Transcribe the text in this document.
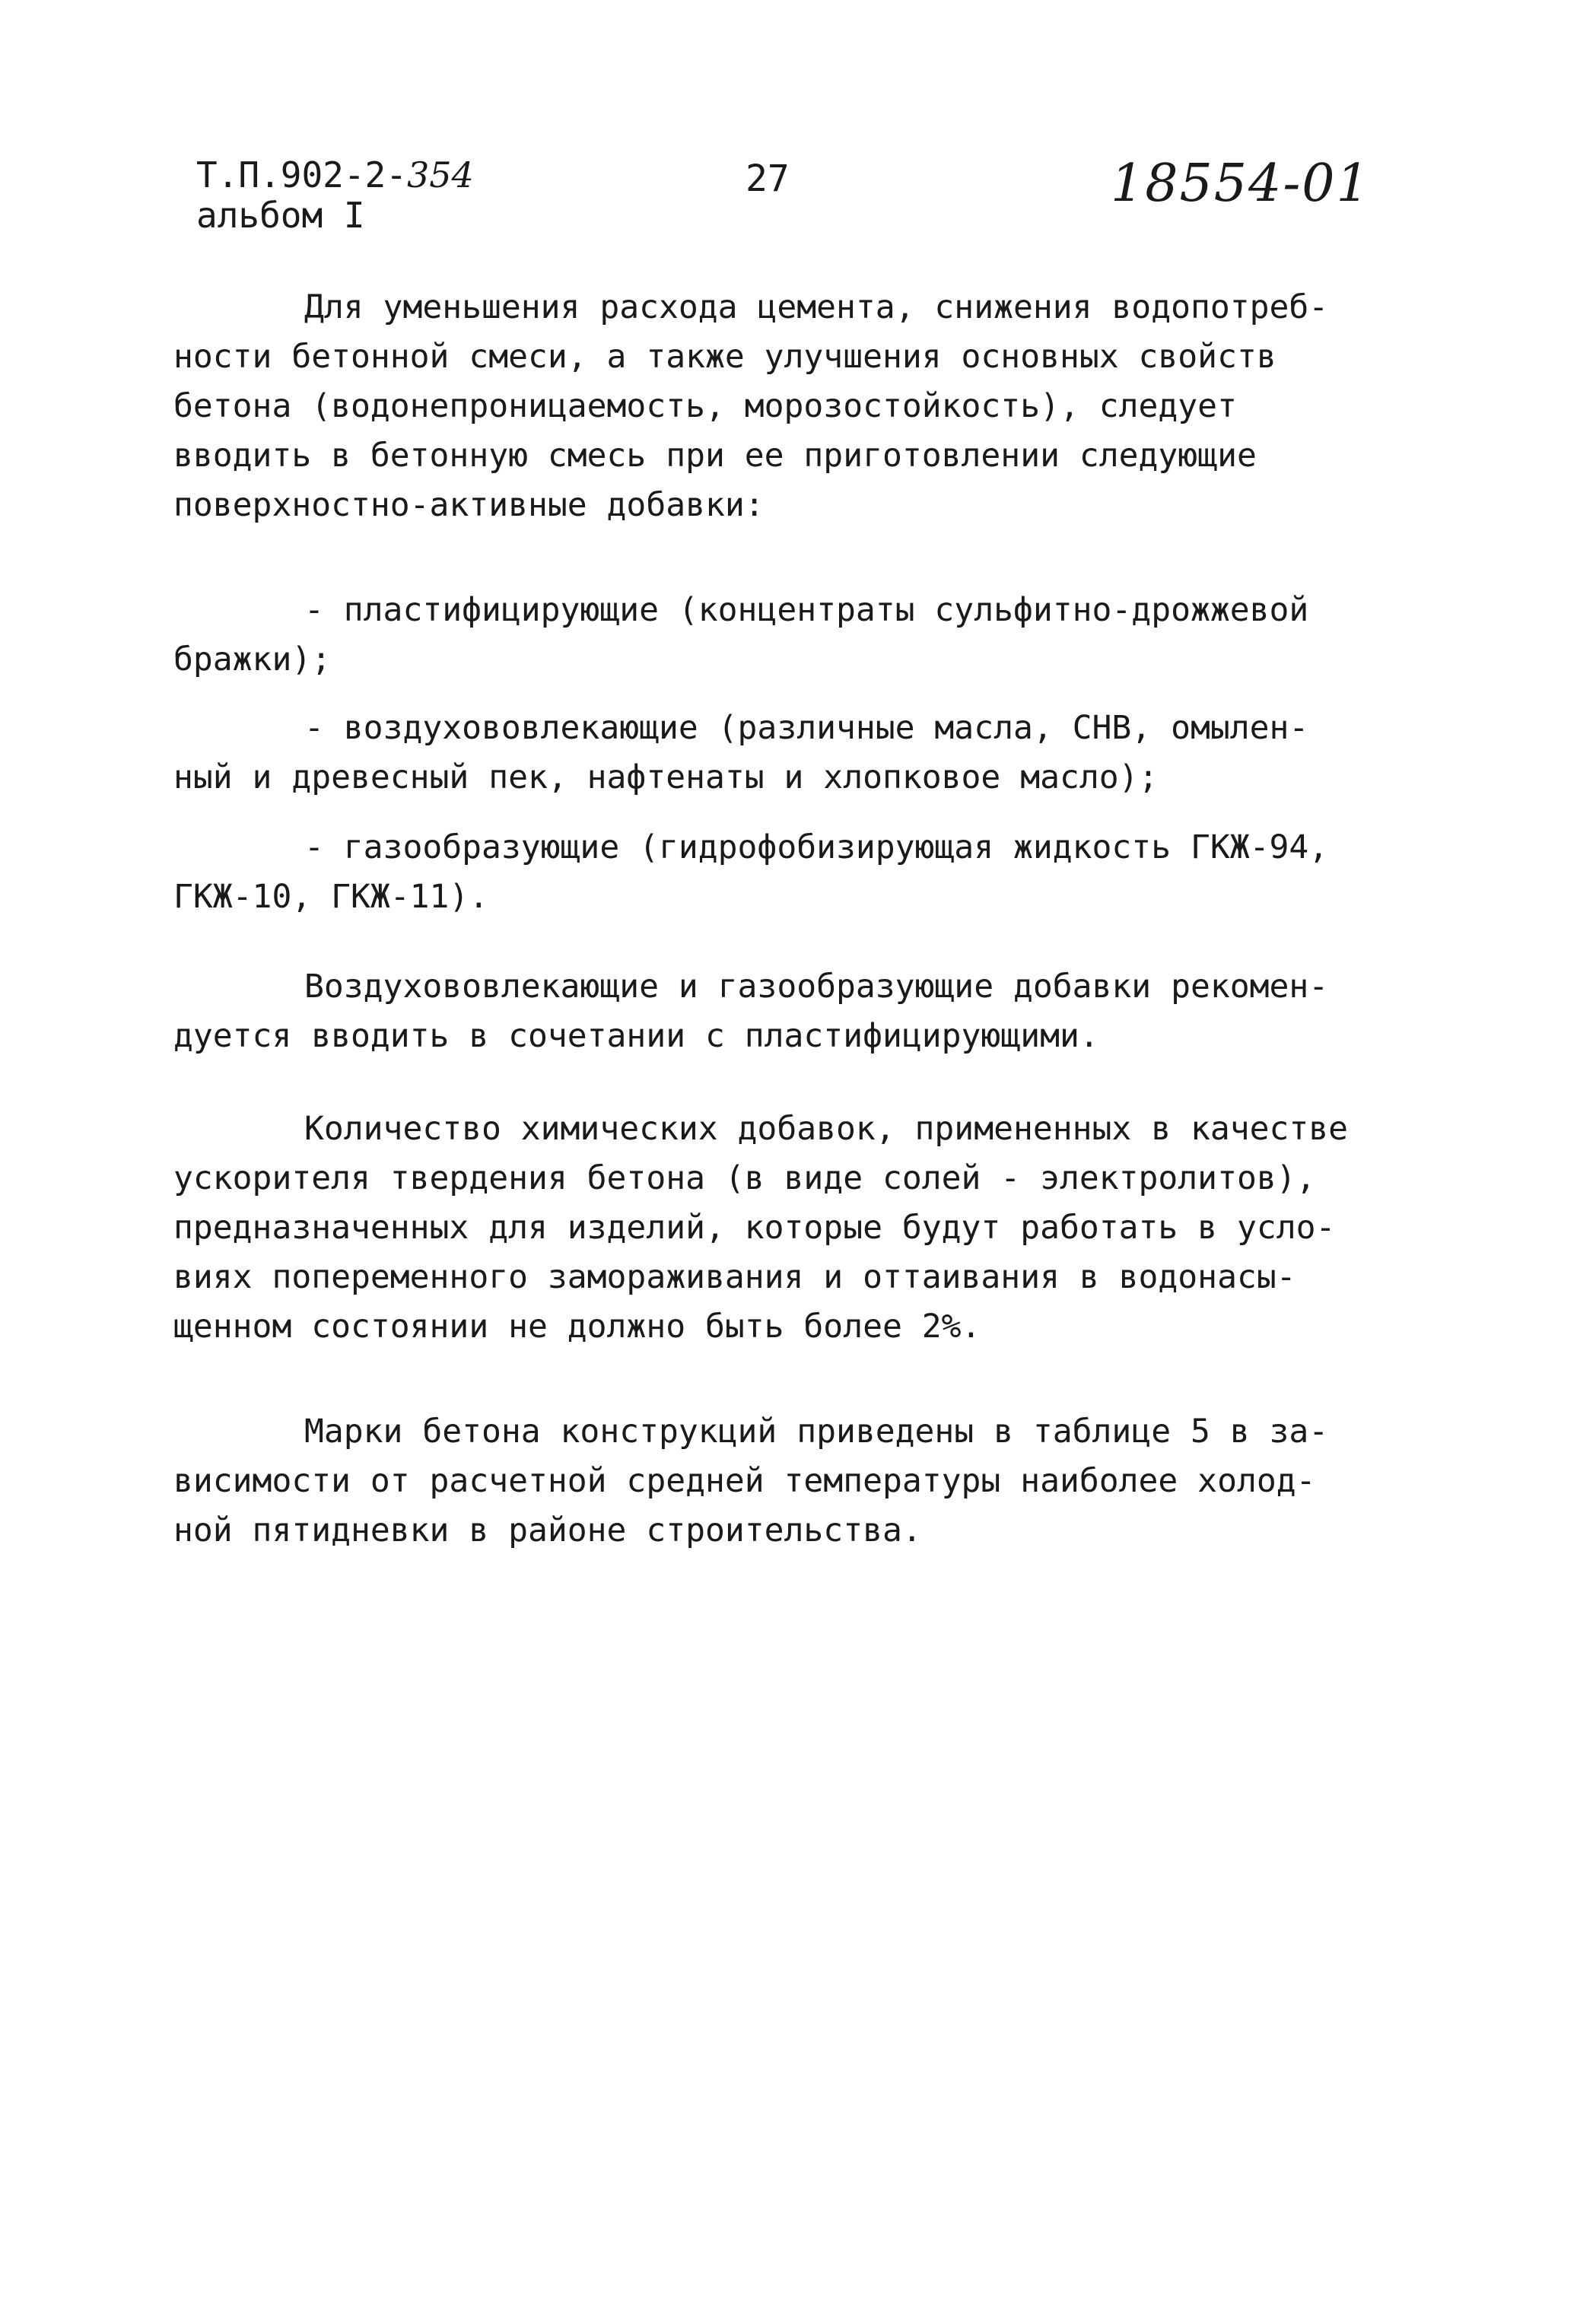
Т.П.902-2-354
альбом I
27	18554-01
Для уменьшения расхода цемента, снижения водопотреб-
ности бетонной смеси, а также улучшения основных свойств
бетона (водонепроницаемость, морозостойкость), следует
вводить в бетонную смесь при ее приготовлении следующие
поверхностно-активные добавки:
- пластифицирующие (концентраты сульфитно-дрожжевой
бражки);
- воздухововлекающие (различные масла, СНВ, омылен-
ный и древесный пек, нафтенаты и хлопковое масло);
- газообразующие (гидрофобизирующая жидкость ГКЖ-94,
ГКЖ-10, ГКЖ-11).
Воздухововлекающие и газообразующие добавки рекомен-
дуется вводить в сочетании с пластифицирующими.
Количество химических добавок, примененных в качестве
ускорителя твердения бетона (в виде солей - электролитов),
предназначенных для изделий, которые будут работать в усло-
виях попеременного замораживания и оттаивания в водонасы-
щенном состоянии не должно быть более 2%.
Марки бетона конструкций приведены в таблице 5 в за-
висимости от расчетной средней температуры наиболее холод-
ной пятидневки в районе строительства.
